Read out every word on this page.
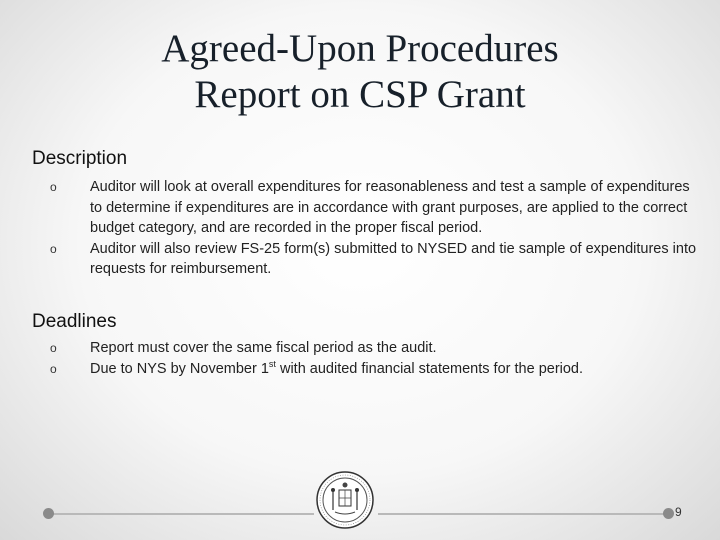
Agreed-Upon Procedures
Report on CSP Grant
Description
o Auditor will look at overall expenditures for reasonableness and test a sample of expenditures to determine if expenditures are in accordance with grant purposes, are applied to the correct budget category, and are recorded in the proper fiscal period.
o Auditor will also review FS-25 form(s) submitted to NYSED and tie sample of expenditures into requests for reimbursement.
Deadlines
o Report must cover the same fiscal period as the audit.
o Due to NYS by November 1st with audited financial statements for the period.
9
